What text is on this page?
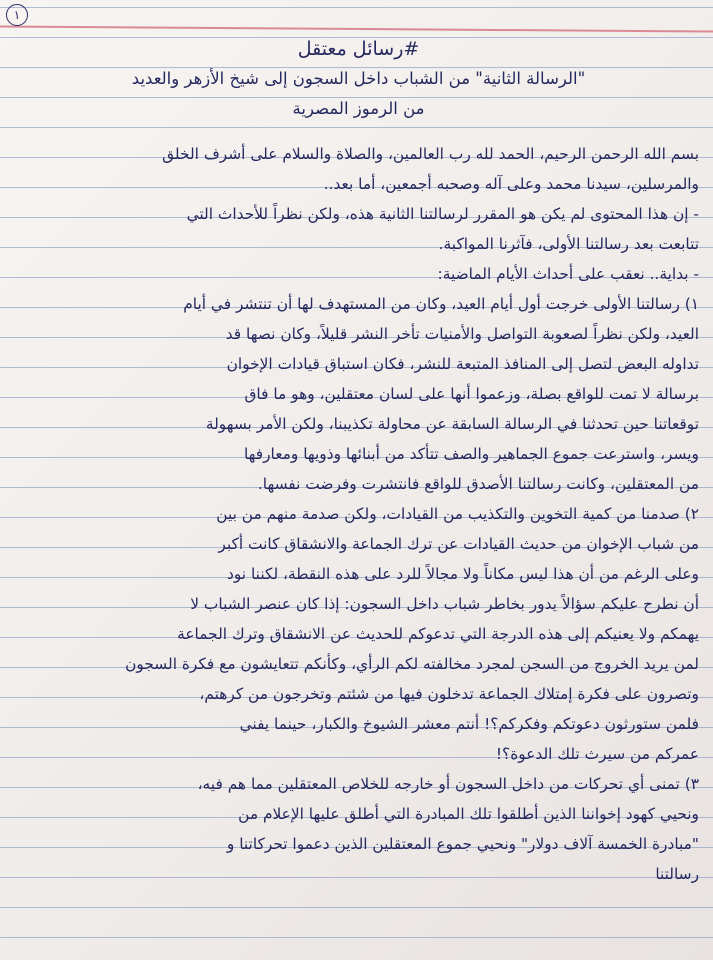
١

#رسائل معتقل

"الرسالة الثانية" من الشباب داخل السجون إلى شيخ الأزهر والعديد

من الرموز المصرية

بسم الله الرحمن الرحيم، الحمد لله رب العالمين، والصلاة والسلام على أشرف الخلق

والمرسلين، سيدنا محمد وعلى آله وصحبه أجمعين، أما بعد..

- إن هذا المحتوى لم يكن هو المقرر لرسالتنا الثانية هذه، ولكن نظراً للأحداث التي

تتابعت بعد رسالتنا الأولى، فآثرنا المواكبة.

- بداية.. نعقب على أحداث الأيام الماضية:

١) رسالتنا الأولى خرجت أول أيام العيد، وكان من المستهدف لها أن تنتشر في أيام

العيد، ولكن نظراً لصعوبة التواصل والأمنيات تأخر النشر قليلاً، وكان نصها قد

تداوله البعض لتصل إلى المنافذ المتبعة للنشر، فكان استباق قيادات الإخوان

برسالة لا تمت للواقع بصلة، وزعموا أنها على لسان معتقلين، وهو ما فاق

توقعاتنا حين تحدثنا في الرسالة السابقة عن محاولة تكذيبنا، ولكن الأمر بسهولة

ويسر، واسترعت جموع الجماهير والصف تتأكد من أبنائها وذويها ومعارفها

من المعتقلين، وكانت رسالتنا الأصدق للواقع فانتشرت وفرضت نفسها.

٢) صدمنا من كمية التخوين والتكذيب من القيادات، ولكن صدمة منهم من بين

من شباب الإخوان من حديث القيادات عن ترك الجماعة والانشقاق كانت أكبر

وعلى الرغم من أن هذا ليس مكاناً ولا مجالاً للرد على هذه النقطة، لكننا نود

أن نطرح عليكم سؤالاً يدور بخاطر شباب داخل السجون: إذا كان عنصر الشباب لا

يهمكم ولا يعنيكم إلى هذه الدرجة التي تدعوكم للحديث عن الانشقاق وترك الجماعة

لمن يريد الخروج من السجن لمجرد مخالفته لكم الرأي، وكأنكم تتعايشون مع فكرة السجون

وتصرون على فكرة إمتلاك الجماعة تدخلون فيها من شئتم وتخرجون من كرهتم،

فلمن ستورثون دعوتكم وفكركم؟! أنتم معشر الشيوخ والكبار، حينما يفني

عمركم من سيرث تلك الدعوة؟!

٣) تمنى أي تحركات من داخل السجون أو خارجه للخلاص المعتقلين مما هم فيه،

ونحيي كهود إخواننا الذين أطلقوا تلك المبادرة التي أطلق عليها الإعلام من

"مبادرة الخمسة آلاف دولار" ونحيي جموع المعتقلين الذين دعموا تحركاتنا و

رسالتنا
